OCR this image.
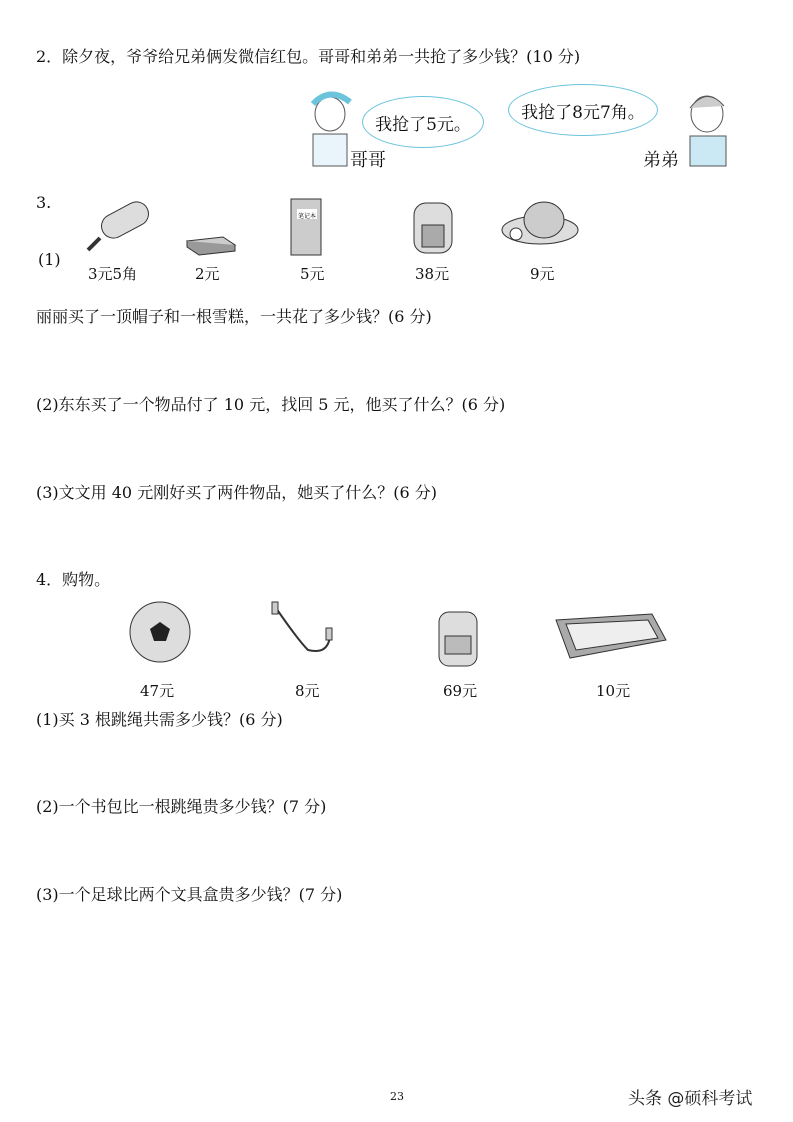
2．除夕夜，爷爷给兄弟俩发微信红包。哥哥和弟弟一共抢了多少钱？(10 分)
我抢了5元。
我抢了8元7角。
哥哥	弟弟
3.
(1)
笔记本
3元5角	2元	5元	38元	9元
丽丽买了一顶帽子和一根雪糕，一共花了多少钱？(6 分)
(2)东东买了一个物品付了 10 元，找回 5 元，他买了什么？(6 分)
(3)文文用 40 元刚好买了两件物品，她买了什么？(6 分)
4．购物。
47元	8元	69元	10元
(1)买 3 根跳绳共需多少钱？(6 分)
(2)一个书包比一根跳绳贵多少钱？(7 分)
(3)一个足球比两个文具盒贵多少钱？(7 分)
23	头条 @硕科考试
